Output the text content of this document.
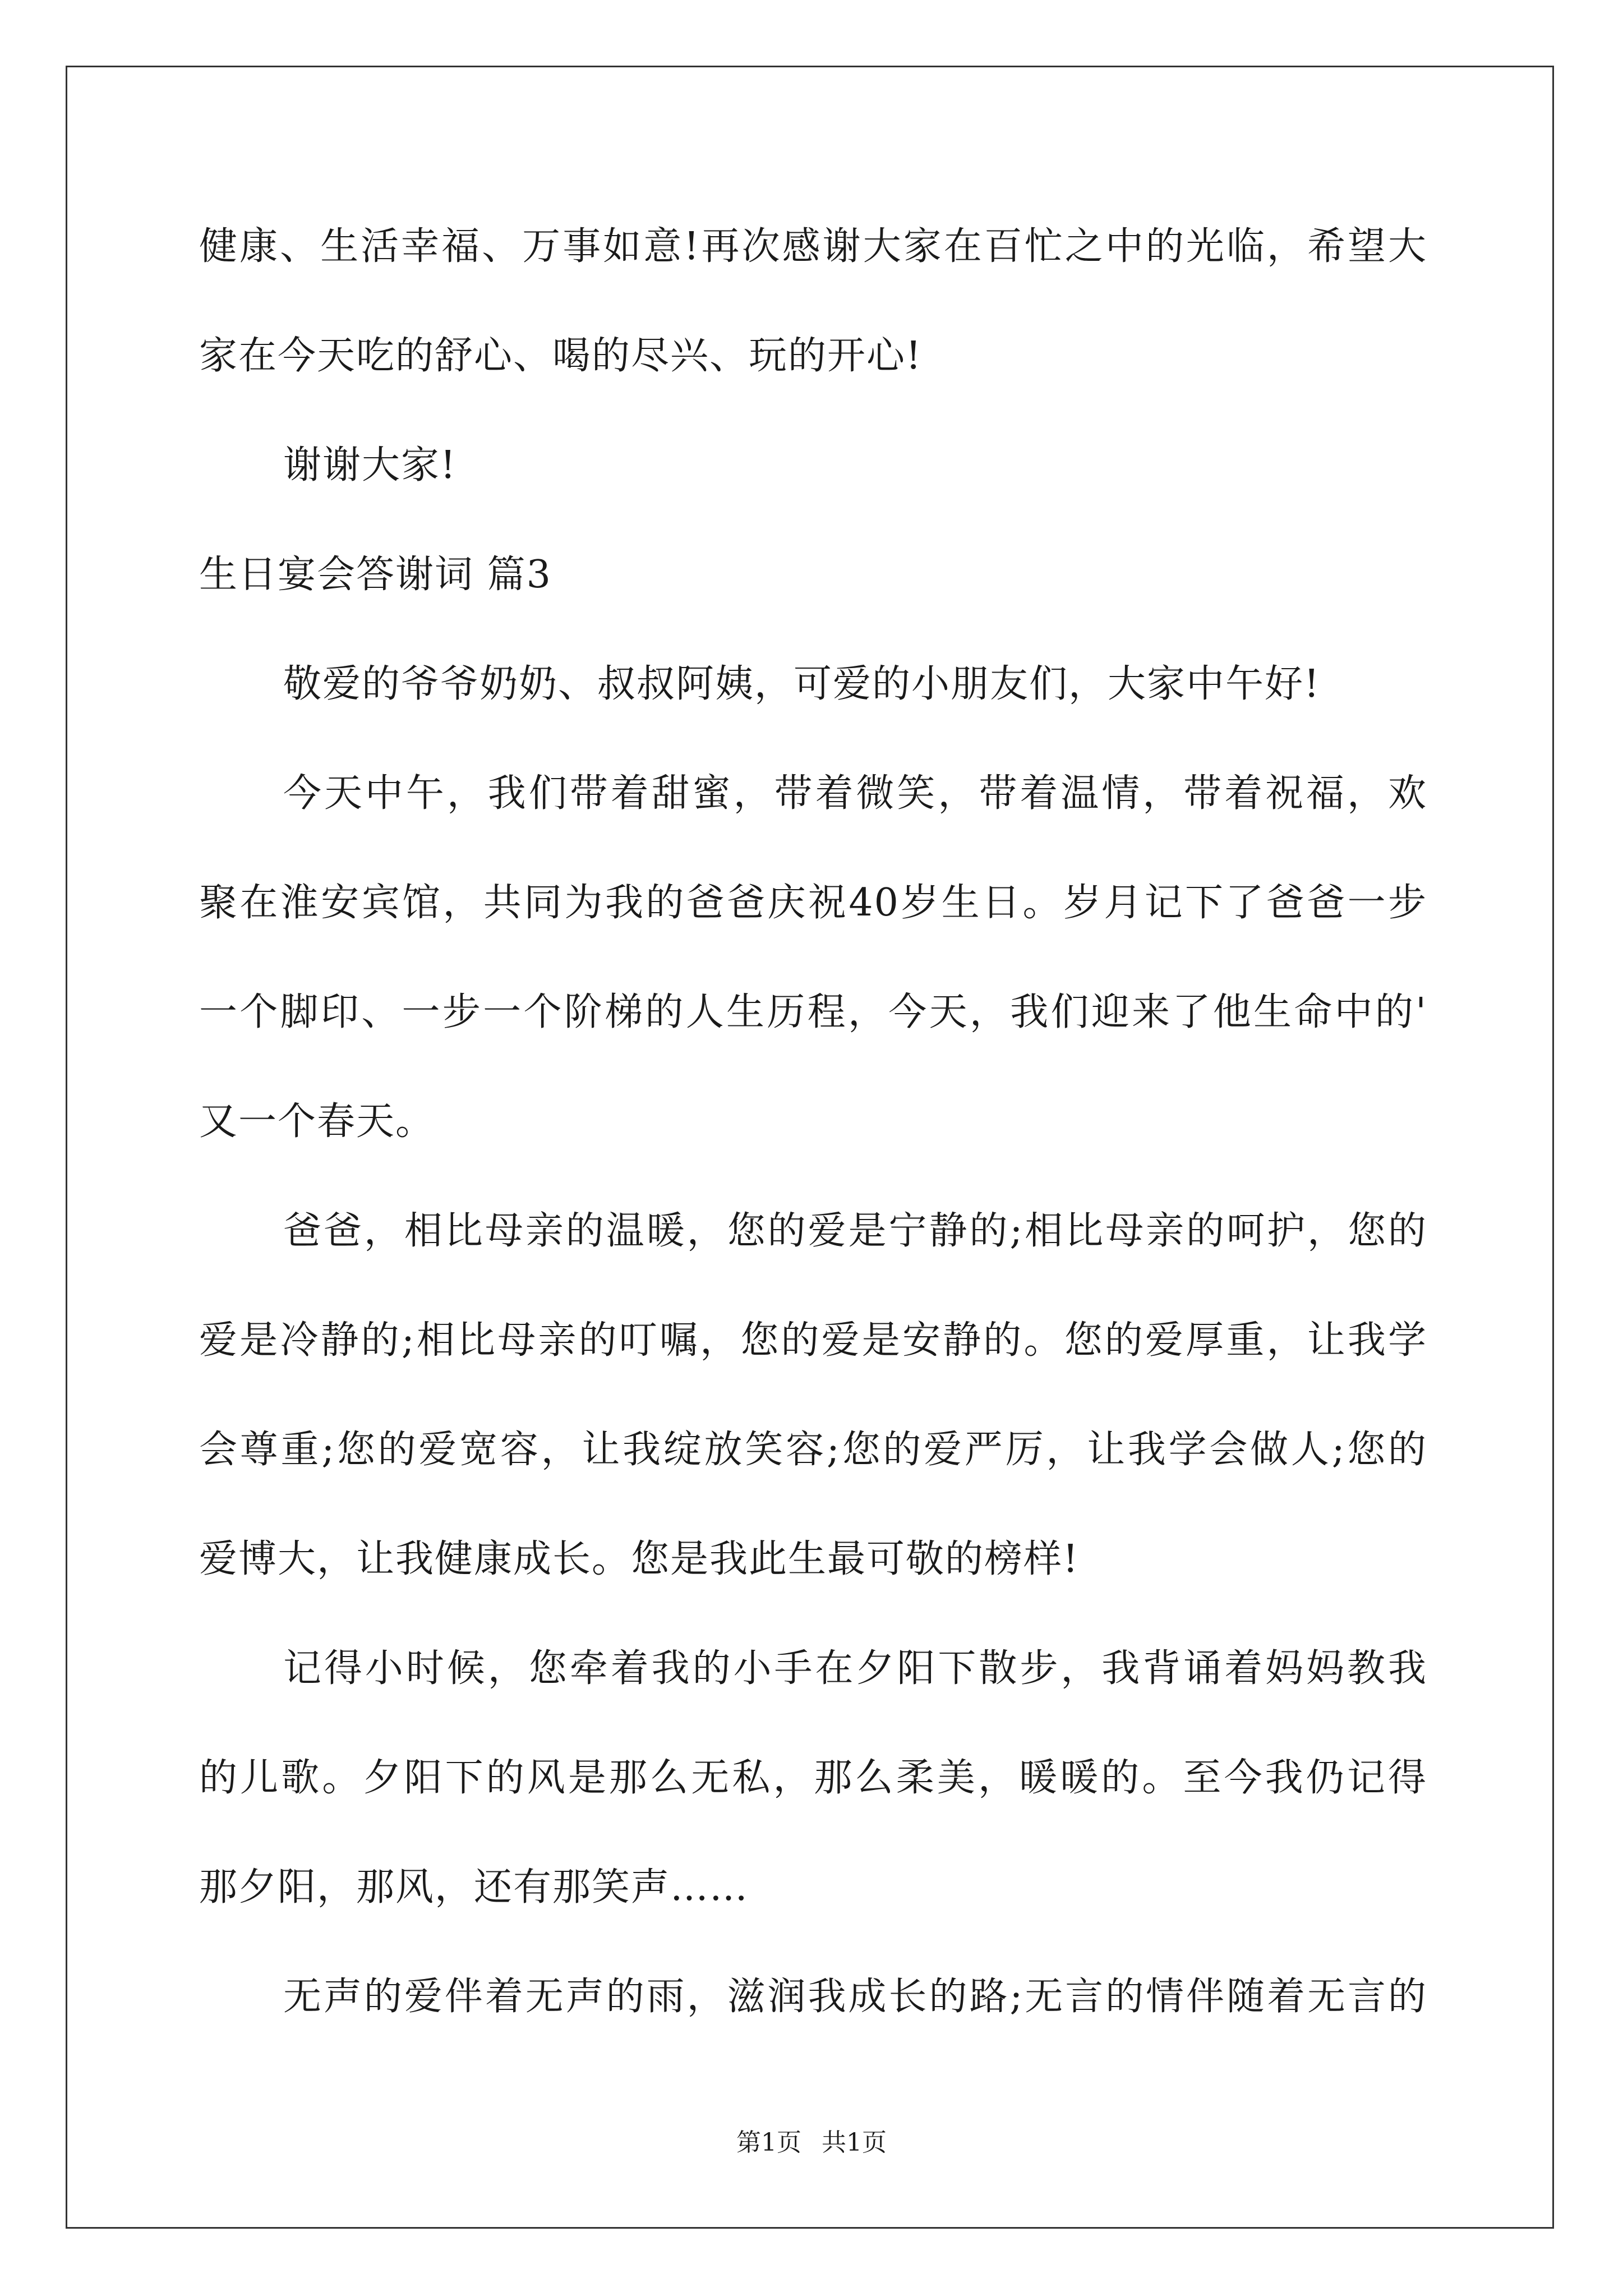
健康、生活幸福、万事如意!再次感谢大家在百忙之中的光临，希望大
家在今天吃的舒心、喝的尽兴、玩的开心!
谢谢大家!
生日宴会答谢词 篇3
敬爱的爷爷奶奶、叔叔阿姨，可爱的小朋友们，大家中午好!
今天中午，我们带着甜蜜，带着微笑，带着温情，带着祝福，欢
聚在淮安宾馆，共同为我的爸爸庆祝40岁生日。岁月记下了爸爸一步
一个脚印、一步一个阶梯的人生历程，今天，我们迎来了他生命中的'
又一个春天。
爸爸，相比母亲的温暖，您的爱是宁静的;相比母亲的呵护，您的
爱是冷静的;相比母亲的叮嘱，您的爱是安静的。您的爱厚重，让我学
会尊重;您的爱宽容，让我绽放笑容;您的爱严厉，让我学会做人;您的
爱博大，让我健康成长。您是我此生最可敬的榜样!
记得小时候，您牵着我的小手在夕阳下散步，我背诵着妈妈教我
的儿歌。夕阳下的风是那么无私，那么柔美，暖暖的。至今我仍记得
那夕阳，那风，还有那笑声……
无声的爱伴着无声的雨，滋润我成长的路;无言的情伴随着无言的
第1页 共1页
